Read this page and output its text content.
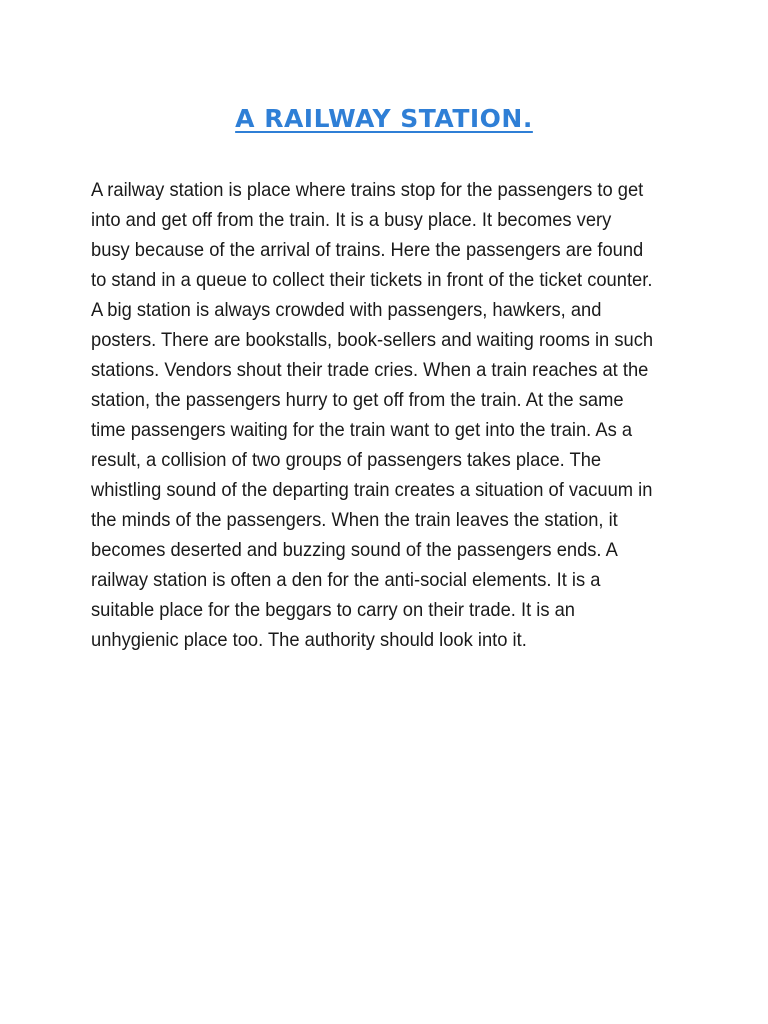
A RAILWAY STATION.

A railway station is place where trains stop for the passengers to get into and get off from the train. It is a busy place. It becomes very busy because of the arrival of trains. Here the passengers are found to stand in a queue to collect their tickets in front of the ticket counter. A big station is always crowded with passengers, hawkers, and posters. There are bookstalls, book-sellers and waiting rooms in such stations. Vendors shout their trade cries. When a train reaches at the station, the passengers hurry to get off from the train. At the same time passengers waiting for the train want to get into the train. As a result, a collision of two groups of passengers takes place. The whistling sound of the departing train creates a situation of vacuum in the minds of the passengers. When the train leaves the station, it becomes deserted and buzzing sound of the passengers ends. A railway station is often a den for the anti-social elements. It is a suitable place for the beggars to carry on their trade. It is an unhygienic place too. The authority should look into it.
